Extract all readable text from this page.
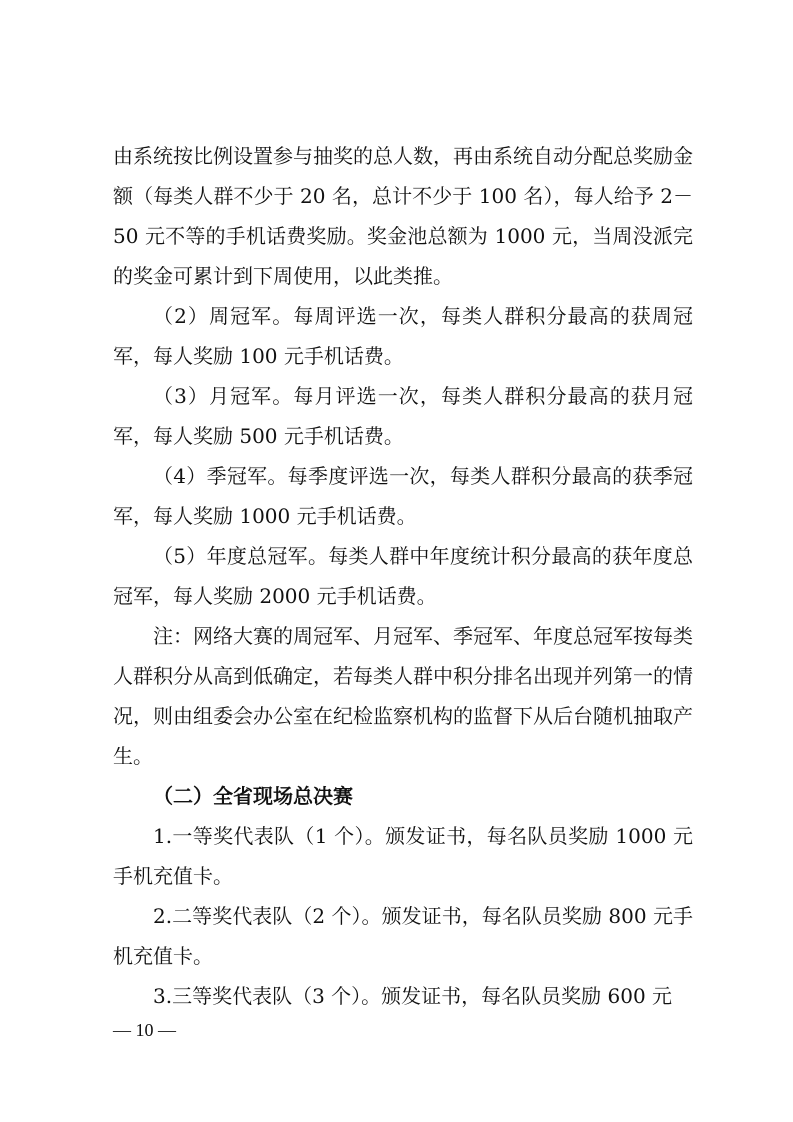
由系统按比例设置参与抽奖的总人数，再由系统自动分配总奖励金额（每类人群不少于 20 名，总计不少于 100 名），每人给予 2－50 元不等的手机话费奖励。奖金池总额为 1000 元，当周没派完的奖金可累计到下周使用，以此类推。

（2）周冠军。每周评选一次，每类人群积分最高的获周冠军，每人奖励 100 元手机话费。

（3）月冠军。每月评选一次，每类人群积分最高的获月冠军，每人奖励 500 元手机话费。

（4）季冠军。每季度评选一次，每类人群积分最高的获季冠军，每人奖励 1000 元手机话费。

（5）年度总冠军。每类人群中年度统计积分最高的获年度总冠军，每人奖励 2000 元手机话费。

注：网络大赛的周冠军、月冠军、季冠军、年度总冠军按每类人群积分从高到低确定，若每类人群中积分排名出现并列第一的情况，则由组委会办公室在纪检监察机构的监督下从后台随机抽取产生。

（二）全省现场总决赛

1.一等奖代表队（1 个）。颁发证书，每名队员奖励 1000 元手机充值卡。

2.二等奖代表队（2 个）。颁发证书，每名队员奖励 800 元手机充值卡。

3.三等奖代表队（3 个）。颁发证书，每名队员奖励 600 元

— 10 —
